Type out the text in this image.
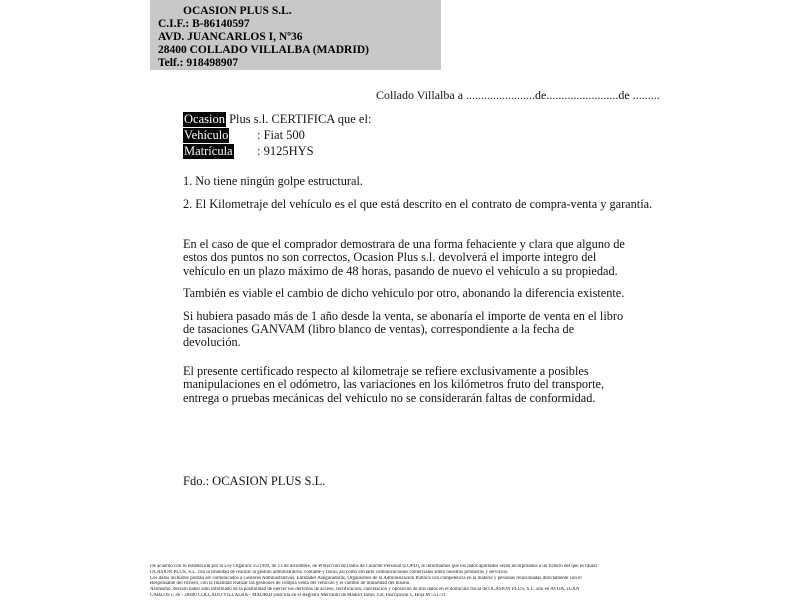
OCASION PLUS S.L.
C.I.F.: B-86140597
AVD. JUANCARLOS I, Nº36
28400 COLLADO VILLALBA (MADRID)
Telf.: 918498907
Collado Villalba a .......................de........................de .........
Ocasion Plus s.l. CERTIFICA que el:
Vehículo : Fiat 500
Matrícula : 9125HYS
1. No tiene ningún golpe estructural.
2. El Kilometraje del vehículo es el que está descrito en el contrato de compra-venta y garantía.

En el caso de que el comprador demostrara de una forma fehaciente y clara que alguno de estos dos puntos no son correctos, Ocasion Plus s.l. devolverá el importe integro del vehículo en un plazo máximo de 48 horas, pasando de nuevo el vehículo a su propiedad.

También es viable el cambio de dicho vehiculo por otro, abonando la diferencia existente.

Si hubiera pasado más de 1 año desde la venta, se abonaría el importe de venta en el libro de tasaciones GANVAM (libro blanco de ventas), correspondiente a la fecha de devolución.

El presente certificado respecto al kilometraje se refiere exclusivamente a posibles manipulaciones en el odómetro, las variaciones en los kilómetros fruto del transporte, entrega o pruebas mecánicas del vehiculo no se considerarán faltas de conformidad.

Fdo.: OCASION PLUS S.L.
De acuerdo con lo establecido por la Ley Orgánica 15/1999, de 13 de diciembre, de Protección de Datos de Carácter Personal (LOPD), le informamos que los datos aportados serán incorporados a un fichero del que es titular
OCASION PLUS, S.L. con la finalidad de realizar la gestión administrativa, contable y fiscal, así como enviarle comunicaciones comerciales sobre nuestros productos y servicios.
Los datos incluidos podrán ser comunicados a Gestores Administrativos, Entidades Aseguradoras, Organismos de la Administración Pública con competencia en la materia y personas relacionadas directamente con el
Responsable del fichero, con la finalidad realizar las gestiones de compra venta del vehículo y el cambio de titularidad del mismo.
Asimismo, declaro haber sido informado de la posibilidad de ejercer los derechos de acceso, rectificación, cancelación y oposición de mis datos en el domicilio fiscal de OCASIÓN PLUS, S.L. sito en AVDA. JUAN
CARLOS I, 36 - 28400 COLLADO VILLALBA - MADRID (Inscrita en el Registro Mercantil de Madrid Tomo 150, Inscripción 1, Hoja M 511731
